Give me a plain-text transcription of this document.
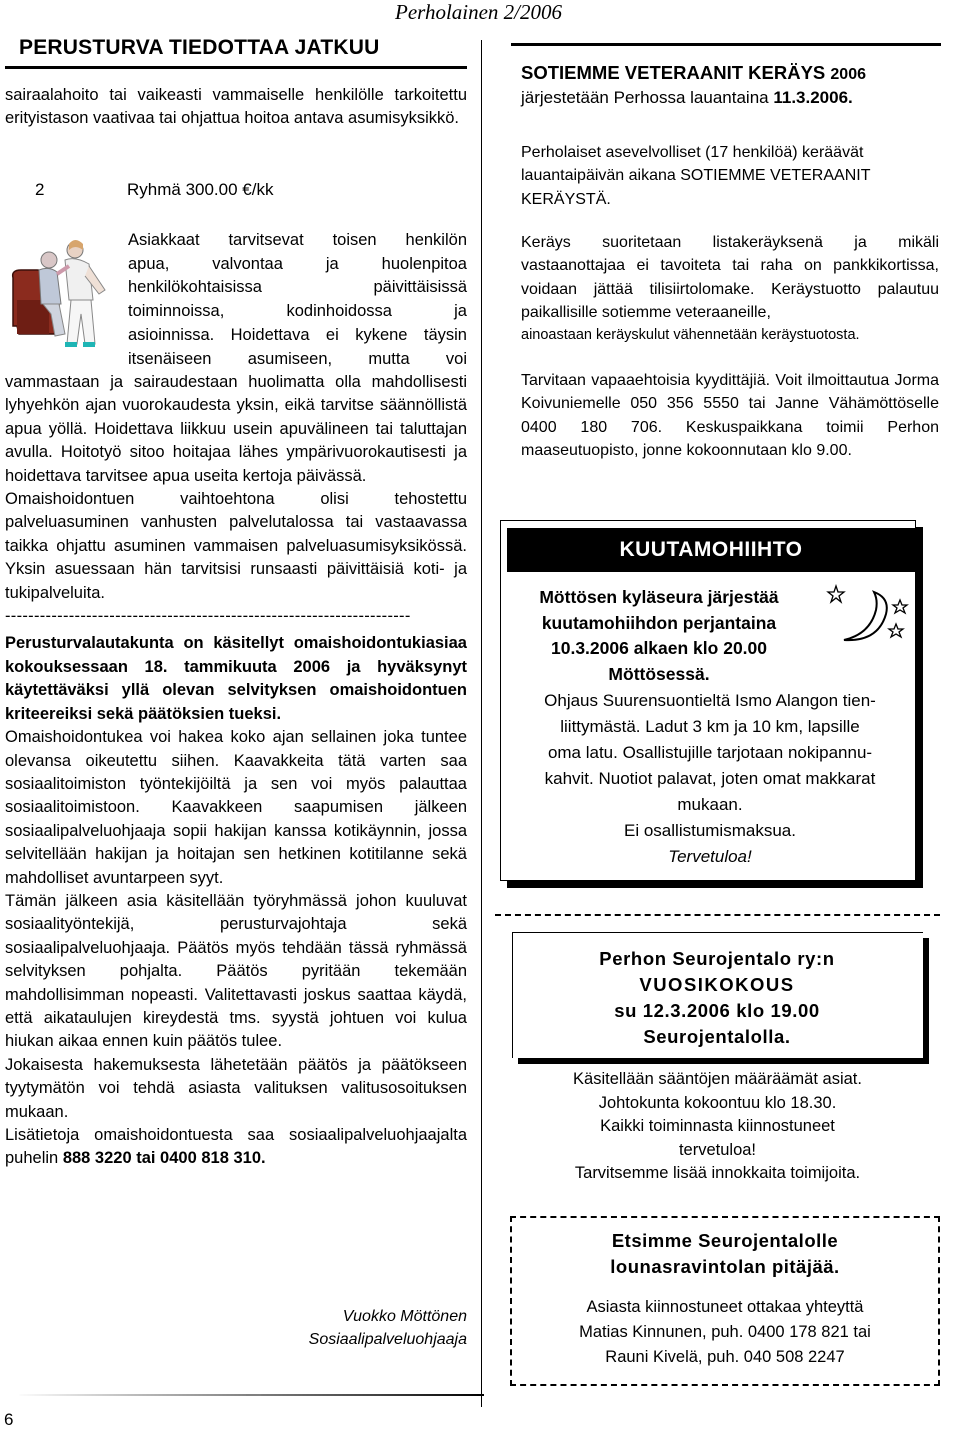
Perholainen 2/2006
PERUSTURVA TIEDOTTAA JATKUU
sairaalahoito tai vaikeasti vammaiselle henkilölle tarkoitettu erityistason vaativaa tai ohjattua hoitoa antava asumisyksikkö.
2	Ryhmä 300.00 €/kk
Asiakkaat tarvitsevat toisen henkilön
apua, valvontaa ja huolenpitoa
henkilökohtaisissa päivittäisissä
toiminnoissa, kodinhoidossa ja
asioinnissa. Hoidettava ei kykene täysin
itsenäiseen asumiseen, mutta voi

vammastaan ja sairaudestaan huolimatta olla mahdollisesti lyhyehkön ajan vuorokaudesta yksin, eikä tarvitse säännöllistä apua yöllä. Hoidettava liikkuu usein apuvälineen tai taluttajan avulla. Hoitotyö sitoo hoitajaa lähes ympärivuorokautisesti ja hoidettava tarvitsee apua useita kertoja päivässä.

Omaishoidontuen vaihtoehtona olisi tehostettu palveluasuminen vanhusten palvelutalossa tai vastaavassa taikka ohjattu asuminen vammaisen palveluasumisyksikössä. Yksin asuessaan hän tarvitsisi runsaasti päivittäisiä koti- ja tukipalveluita.

----------------------------------------------------------------------

Perusturvalautakunta on käsitellyt omaishoidontukiasiaa kokouksessaan 18. tammikuuta 2006 ja hyväksynyt käytettäväksi yllä olevan selvityksen omaishoidontuen kriteereiksi sekä päätöksien tueksi.

Omaishoidontukea voi hakea koko ajan sellainen joka tuntee olevansa oikeutettu siihen. Kaavakkeita tätä varten saa sosiaalitoimiston työntekijöiltä ja sen voi myös palauttaa sosiaalitoimistoon. Kaavakkeen saapumisen jälkeen sosiaalipalveluohjaaja sopii hakijan kanssa kotikäynnin, jossa selvitellään hakijan ja hoitajan sen hetkinen kotitilanne sekä mahdolliset avuntarpeen syyt.

Tämän jälkeen asia käsitellään työryhmässä johon kuuluvat sosiaalityöntekijä, perusturvajohtaja sekä sosiaalipalveluohjaaja. Päätös myös tehdään tässä ryhmässä selvityksen pohjalta. Päätös pyritään tekemään mahdollisimman nopeasti. Valitettavasti joskus saattaa käydä, että aikataulujen kireydestä tms. syystä johtuen voi kulua hiukan aikaa ennen kuin päätös tulee.

Jokaisesta hakemuksesta lähetetään päätös ja päätökseen tyytymätön voi tehdä asiasta valituksen valitusosoituksen mukaan.

Lisätietoja omaishoidontuesta saa sosiaalipalveluohjaajalta puhelin 888 3220 tai 0400 818 310.

Vuokko Möttönen
Sosiaalipalveluohjaaja
6
SOTIEMME VETERAANIT KERÄYS 2006
järjestetään Perhossa lauantaina 11.3.2006.
Perholaiset asevelvolliset (17 henkilöä) keräävät lauantaipäivän aikana SOTIEMME VETERAANIT KERÄYSTÄ.
Keräys suoritetaan listakeräyksenä ja mikäli vastaanottajaa ei tavoiteta tai raha on pankkikortissa, voidaan jättää tilisiirtolomake. Keräystuotto palautuu paikallisille sotiemme veteraaneille,
ainoastaan keräyskulut vähennetään keräystuotosta.
Tarvitaan vapaaehtoisia kyydittäjiä. Voit ilmoittautua Jorma Koivuniemelle 050 356 5550 tai Janne Vähämöttöselle 0400 180 706. Keskuspaikkana toimii Perhon maaseutuopisto, jonne kokoonnutaan klo 9.00.
KUUTAMOHIIHTO
Möttösen kyläseura järjestää
kuutamohiihdon perjantaina
10.3.2006 alkaen klo 20.00
Möttösessä.
Ohjaus Suurensuontieltä Ismo Alangon tien-
liittymästä. Ladut 3 km ja 10 km, lapsille
oma latu. Osallistujille tarjotaan nokipannu-
kahvit. Nuotiot palavat, joten omat makkarat
mukaan.
Ei osallistumismaksua.
Tervetuloa!
Perhon Seurojentalo ry:n
VUOSIKOKOUS
su 12.3.2006 klo 19.00
Seurojentalolla.
Käsitellään sääntöjen määräämät asiat.
Johtokunta kokoontuu klo 18.30.
Kaikki toiminnasta kiinnostuneet
tervetuloa!
Tarvitsemme lisää innokkaita toimijoita.
Etsimme Seurojentalolle
lounasravintolan pitäjää.
Asiasta kiinnostuneet ottakaa yhteyttä
Matias Kinnunen, puh. 0400 178 821 tai
Rauni Kivelä, puh. 040 508 2247
